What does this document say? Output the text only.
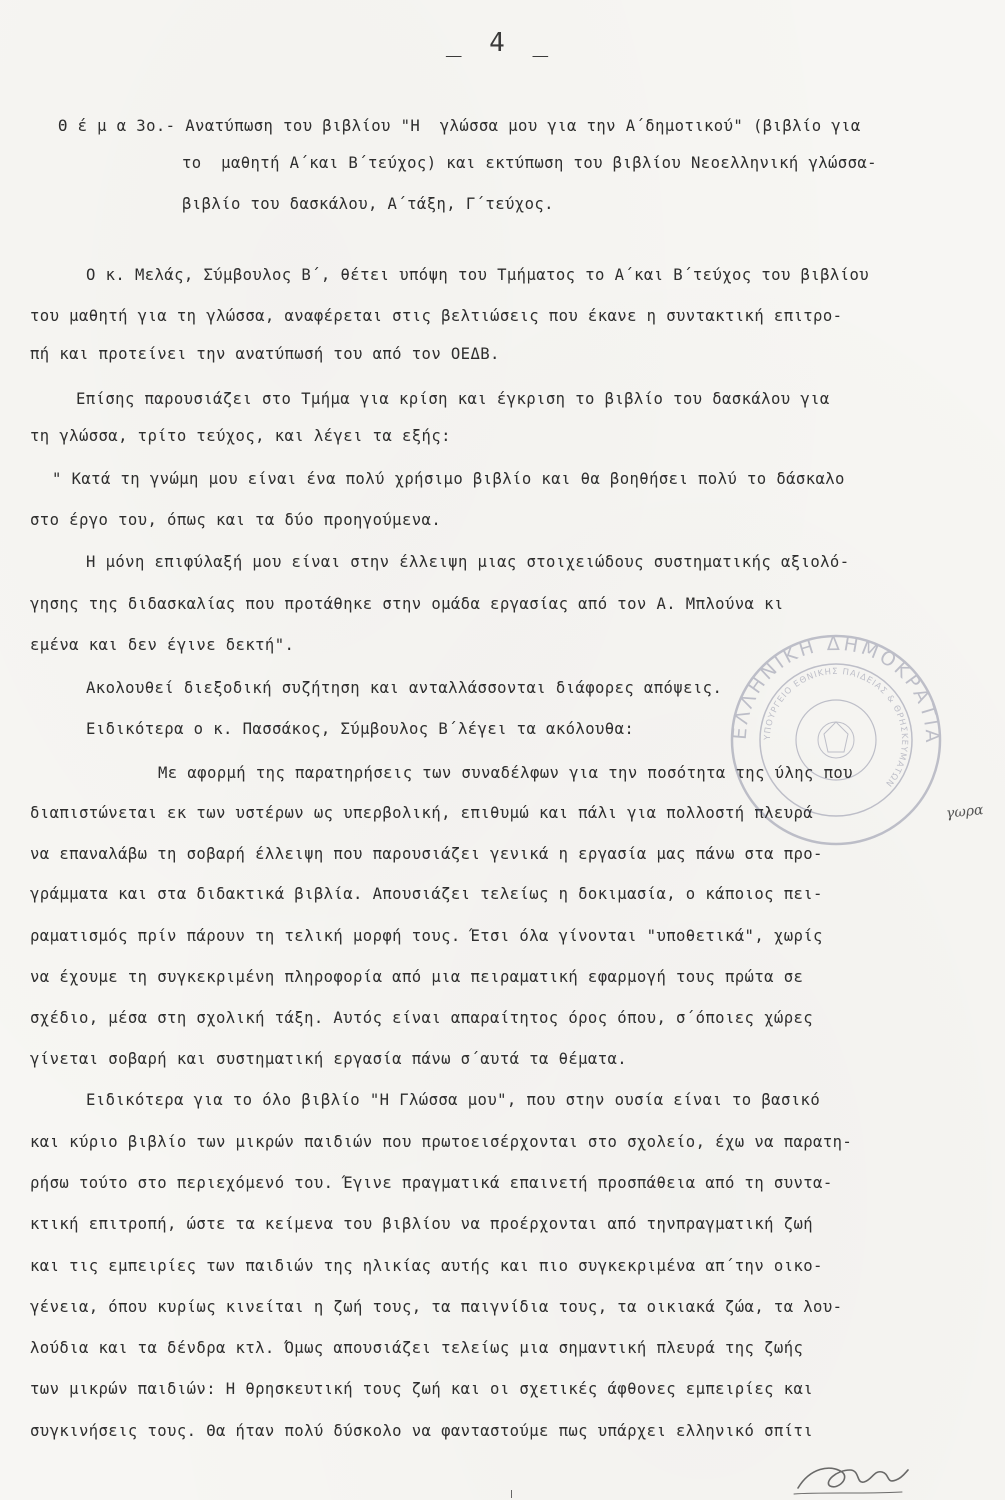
_ 4 _
Θ έ μ α 3ο.- Ανατύπωση του βιβλίου "Η  γλώσσα μου για την Α΄δημοτικού" (βιβλίο για
το  μαθητή Α΄και Β΄τεύχος) και εκτύπωση του βιβλίου Νεοελληνική γλώσσα-
βιβλίο του δασκάλου, Α΄τάξη, Γ΄τεύχος.
Ο κ. Μελάς, Σύμβουλος Β΄, θέτει υπόψη του Τμήματος το Α΄και Β΄τεύχος του βιβλίου
του μαθητή για τη γλώσσα, αναφέρεται στις βελτιώσεις που έκανε η συντακτική επιτρο-
πή και προτείνει την ανατύπωσή του από τον ΟΕΔΒ.
Επίσης παρουσιάζει στο Τμήμα για κρίση και έγκριση το βιβλίο του δασκάλου για
τη γλώσσα, τρίτο τεύχος, και λέγει τα εξής:
" Κατά τη γνώμη μου είναι ένα πολύ χρήσιμο βιβλίο και θα βοηθήσει πολύ το δάσκαλο
στο έργο του, όπως και τα δύο προηγούμενα.
Η μόνη επιφύλαξή μου είναι στην έλλειψη μιας στοιχειώδους συστηματικής αξιολό-
γησης της διδασκαλίας που προτάθηκε στην ομάδα εργασίας από τον Α. Μπλούνα κι
εμένα και δεν έγινε δεκτή".
Ακολουθεί διεξοδική συζήτηση και ανταλλάσσονται διάφορες απόψεις.
Ειδικότερα ο κ. Πασσάκος, Σύμβουλος Β΄λέγει τα ακόλουθα:
Με αφορμή της παρατηρήσεις των συναδέλφων για την ποσότητα της ύλης που
διαπιστώνεται εκ των υστέρων ως υπερβολική, επιθυμώ και πάλι για πολλοστή πλευρά
να επαναλάβω τη σοβαρή έλλειψη που παρουσιάζει γενικά η εργασία μας πάνω στα προ-
γράμματα και στα διδακτικά βιβλία. Απουσιάζει τελείως η δοκιμασία, ο κάποιος πει-
ραματισμός πρίν πάρουν τη τελική μορφή τους. Έτσι όλα γίνονται "υποθετικά", χωρίς
να έχουμε τη συγκεκριμένη πληροφορία από μια πειραματική εφαρμογή τους πρώτα σε
σχέδιο, μέσα στη σχολική τάξη. Αυτός είναι απαραίτητος όρος όπου, σ΄όποιες χώρες
γίνεται σοβαρή και συστηματική εργασία πάνω σ΄αυτά τα θέματα.
Ειδικότερα για το όλο βιβλίο "Η Γλώσσα μου", που στην ουσία είναι το βασικό
και κύριο βιβλίο των μικρών παιδιών που πρωτοεισέρχονται στο σχολείο, έχω να παρατη-
ρήσω τούτο στο περιεχόμενό του. Έγινε πραγματικά επαινετή προσπάθεια από τη συντα-
κτική επιτροπή, ώστε τα κείμενα του βιβλίου να προέρχονται από τηνπραγματική ζωή
και τις εμπειρίες των παιδιών της ηλικίας αυτής και πιο συγκεκριμένα απ΄την οικο-
γένεια, όπου κυρίως κινείται η ζωή τους, τα παιγνίδια τους, τα οικιακά ζώα, τα λου-
λούδια και τα δένδρα κτλ. Όμως απουσιάζει τελείως μια σημαντική πλευρά της ζωής
των μικρών παιδιών: Η θρησκευτική τους ζωή και οι σχετικές άφθονες εμπειρίες και
συγκινήσεις τους. Θα ήταν πολύ δύσκολο να φανταστούμε πως υπάρχει ελληνικό σπίτι
γωρα
ΕΛΛΗΝΙΚΗ ΔΗΜΟΚΡΑΤΙΑ
ΥΠΟΥΡΓΕΙΟ ΕΘΝΙΚΗΣ ΠΑΙΔΕΙΑΣ & ΘΡΗΣΚΕΥΜΑΤΩΝ
